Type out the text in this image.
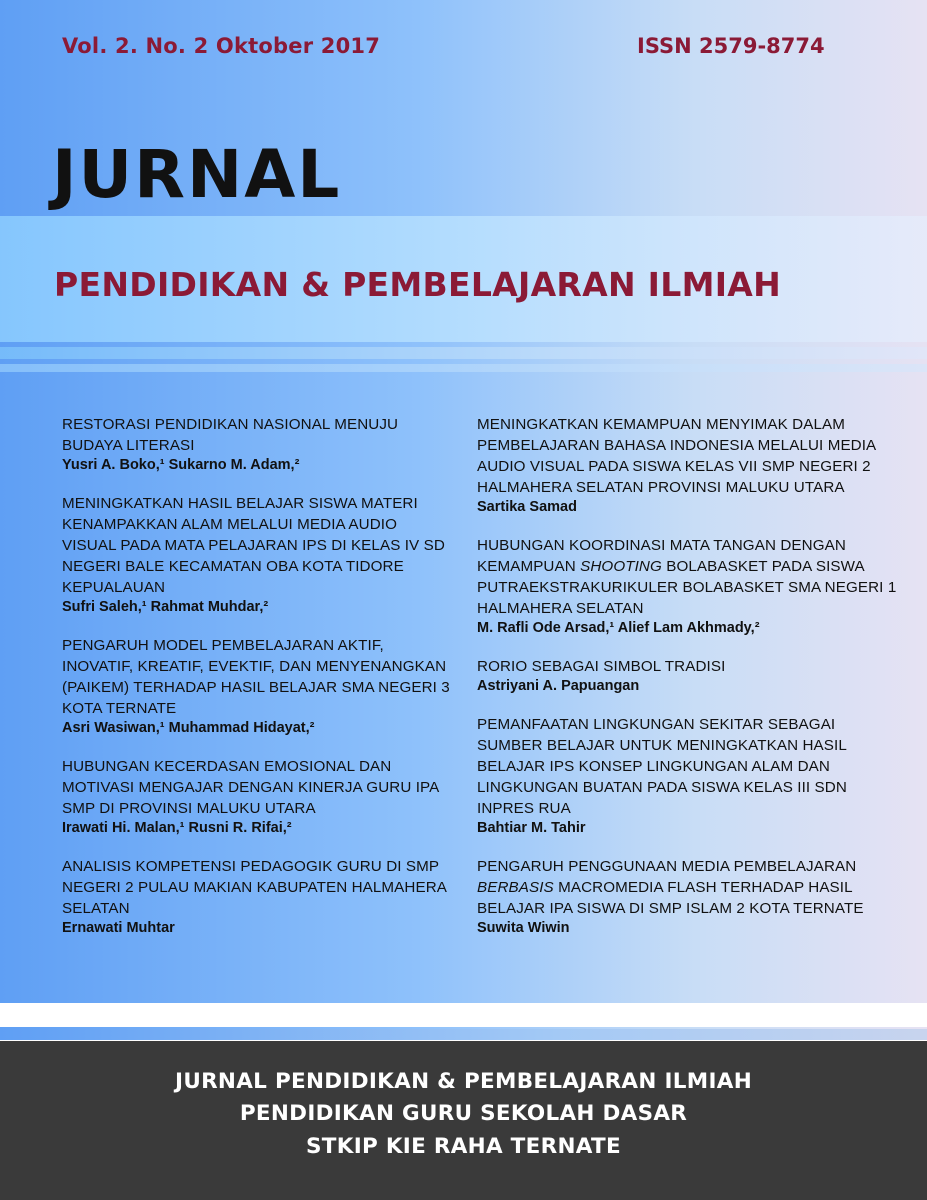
Vol. 2. No. 2 Oktober 2017	ISSN 2579-8774
JURNAL
PENDIDIKAN & PEMBELAJARAN ILMIAH
RESTORASI PENDIDIKAN NASIONAL MENUJU BUDAYA LITERASI
Yusri A. Boko,¹ Sukarno M. Adam,²
MENINGKATKAN HASIL BELAJAR SISWA MATERI KENAMPAKKAN ALAM MELALUI MEDIA AUDIO VISUAL PADA MATA PELAJARAN IPS DI KELAS IV SD NEGERI BALE KECAMATAN OBA KOTA TIDORE KEPUALAUAN
Sufri Saleh,¹ Rahmat Muhdar,²
PENGARUH MODEL PEMBELAJARAN AKTIF, INOVATIF, KREATIF, EVEKTIF, DAN MENYENANGKAN (PAIKEM) TERHADAP HASIL BELAJAR SMA NEGERI 3 KOTA TERNATE
Asri Wasiwan,¹ Muhammad Hidayat,²
HUBUNGAN KECERDASAN EMOSIONAL DAN MOTIVASI MENGAJAR DENGAN KINERJA GURU IPA SMP DI PROVINSI MALUKU UTARA
Irawati Hi. Malan,¹ Rusni R. Rifai,²
ANALISIS KOMPETENSI PEDAGOGIK GURU DI SMP NEGERI 2 PULAU MAKIAN KABUPATEN HALMAHERA SELATAN
Ernawati Muhtar
MENINGKATKAN KEMAMPUAN MENYIMAK DALAM PEMBELAJARAN BAHASA INDONESIA MELALUI MEDIA AUDIO VISUAL PADA SISWA KELAS VII SMP NEGERI 2 HALMAHERA SELATAN PROVINSI MALUKU UTARA
Sartika Samad
HUBUNGAN KOORDINASI MATA TANGAN DENGAN KEMAMPUAN SHOOTING BOLABASKET PADA SISWA PUTRAEKSTRAKURIKULER BOLABASKET SMA NEGERI 1 HALMAHERA SELATAN
M. Rafli Ode Arsad,¹ Alief Lam Akhmady,²
RORIO SEBAGAI SIMBOL TRADISI
Astriyani A. Papuangan
PEMANFAATAN LINGKUNGAN SEKITAR SEBAGAI SUMBER BELAJAR UNTUK MENINGKATKAN HASIL BELAJAR IPS KONSEP LINGKUNGAN ALAM DAN LINGKUNGAN BUATAN PADA SISWA KELAS III SDN INPRES RUA
Bahtiar M. Tahir
PENGARUH PENGGUNAAN MEDIA PEMBELAJARAN BERBASIS MACROMEDIA FLASH TERHADAP HASIL BELAJAR IPA SISWA DI SMP ISLAM 2 KOTA TERNATE
Suwita Wiwin
JURNAL PENDIDIKAN & PEMBELAJARAN ILMIAH
PENDIDIKAN GURU SEKOLAH DASAR
STKIP KIE RAHA TERNATE
